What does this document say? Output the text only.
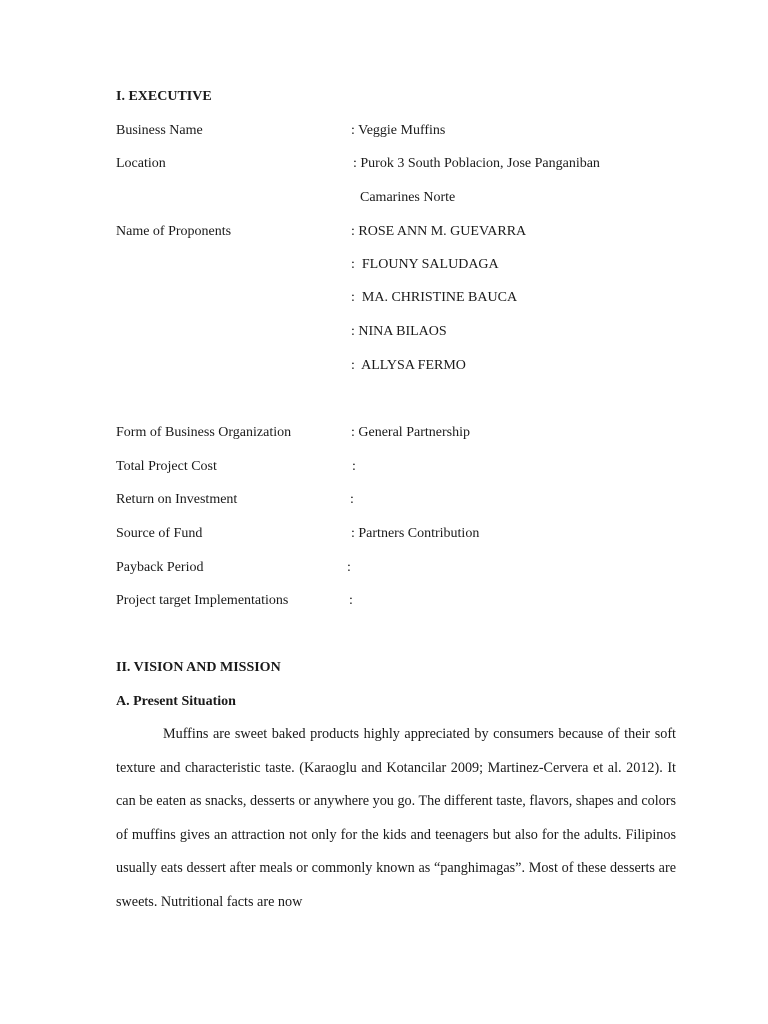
I. EXECUTIVE
Business Name	: Veggie Muffins
Location	: Purok 3 South Poblacion, Jose Panganiban
Camarines Norte
Name of Proponents	: ROSE ANN M. GUEVARRA
:  FLOUNY SALUDAGA
:  MA. CHRISTINE BAUCA
: NINA BILAOS
:  ALLYSA FERMO
Form of Business Organization	: General Partnership
Total Project Cost	:
Return on Investment	:
Source of Fund	: Partners Contribution
Payback Period	:
Project target Implementations	:
II. VISION AND MISSION
A. Present Situation

Muffins are sweet baked products highly appreciated by consumers because of their soft texture and characteristic taste. (Karaoglu and Kotancilar 2009; Martinez-Cervera et al. 2012). It can be eaten as snacks, desserts or anywhere you go. The different taste, flavors, shapes and colors of muffins gives an attraction not only for the kids and teenagers but also for the adults. Filipinos usually eats dessert after meals or commonly known as “panghimagas”. Most of these desserts are sweets. Nutritional facts are now
